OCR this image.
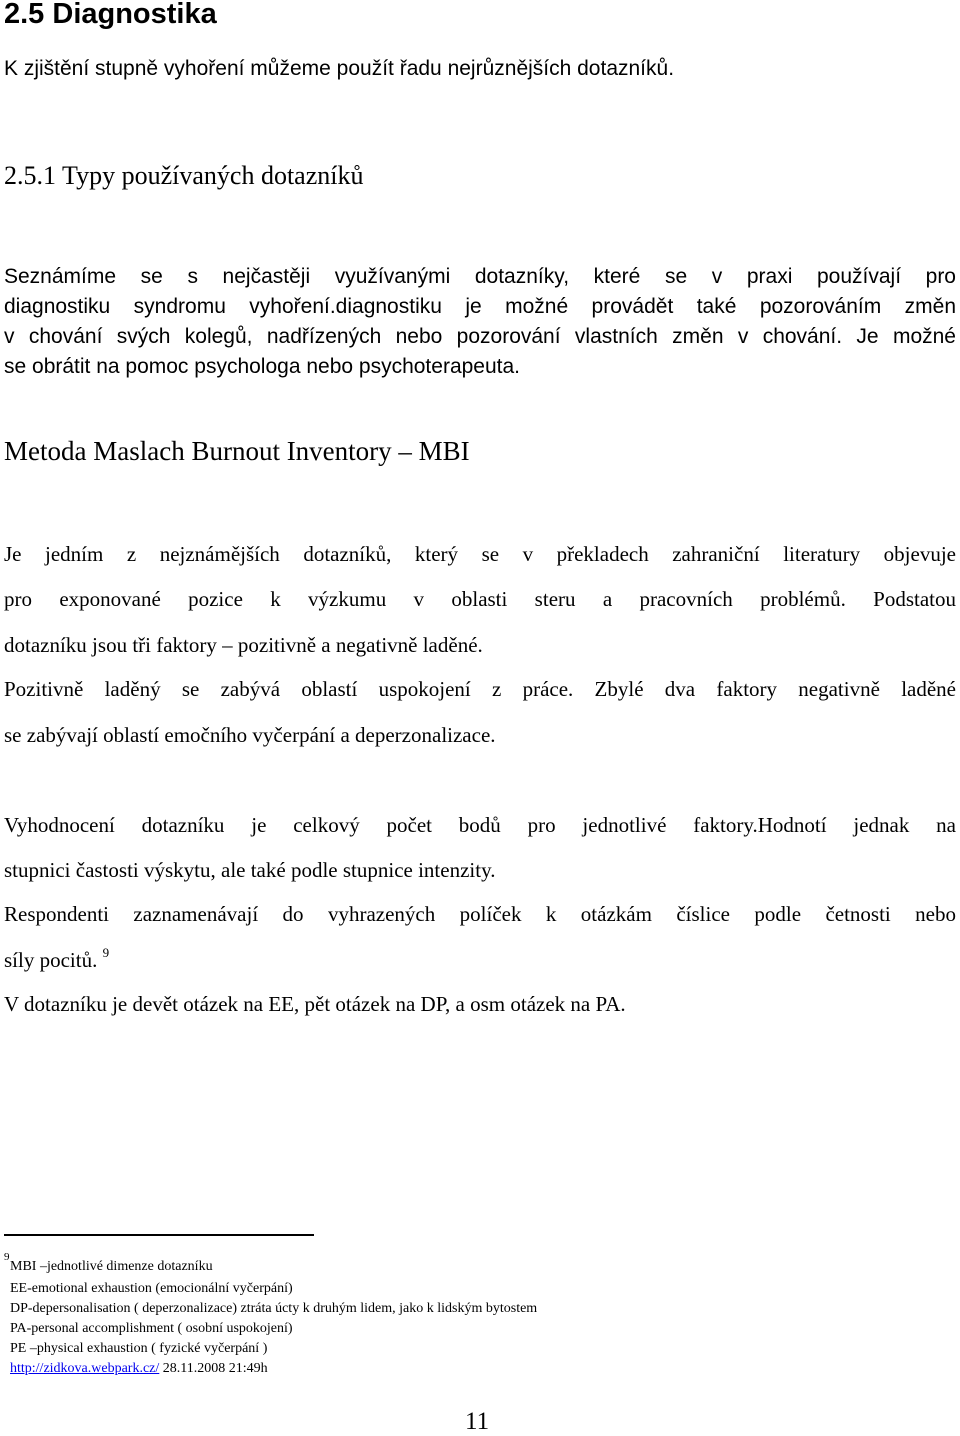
2.5 Diagnostika
K zjištění stupně vyhoření můžeme použít řadu nejrůznějších dotazníků.
2.5.1 Typy používaných dotazníků
Seznámíme se s nejčastěji využívanými dotazníky, které se v praxi používají pro
diagnostiku syndromu vyhoření.diagnostiku je možné provádět také pozorováním změn
v chování svých kolegů, nadřízených nebo pozorování vlastních změn v chování. Je možné
se obrátit na pomoc psychologa nebo psychoterapeuta.
Metoda Maslach Burnout Inventory – MBI
Je jedním z nejznámějších dotazníků, který se v překladech zahraniční literatury objevuje
pro exponované pozice k výzkumu v oblasti steru a pracovních problémů. Podstatou
dotazníku jsou tři faktory – pozitivně a negativně laděné.
Pozitivně laděný se zabývá oblastí uspokojení z práce. Zbylé dva faktory negativně laděné
se zabývají oblastí emočního vyčerpání a deperzonalizace.
Vyhodnocení dotazníku je celkový počet bodů pro jednotlivé faktory.Hodnotí jednak na
stupnici častosti výskytu, ale také podle stupnice intenzity.
Respondenti zaznamenávají do vyhrazených políček k otázkám číslice podle četnosti nebo
síly pocitů. $^9$
V dotazníku je devět otázek na EE, pět otázek na DP, a osm otázek na PA.
9
MBI –jednotlivé dimenze dotazníku
EE-emotional exhaustion (emocionální vyčerpání)
DP-depersonalisation ( deperzonalizace) ztráta úcty k druhým lidem, jako k lidským bytostem
PA-personal accomplishment ( osobní uspokojení)
PE –physical exhaustion ( fyzické vyčerpání )
http://zidkova.webpark.cz/ 28.11.2008 21:49h
11
